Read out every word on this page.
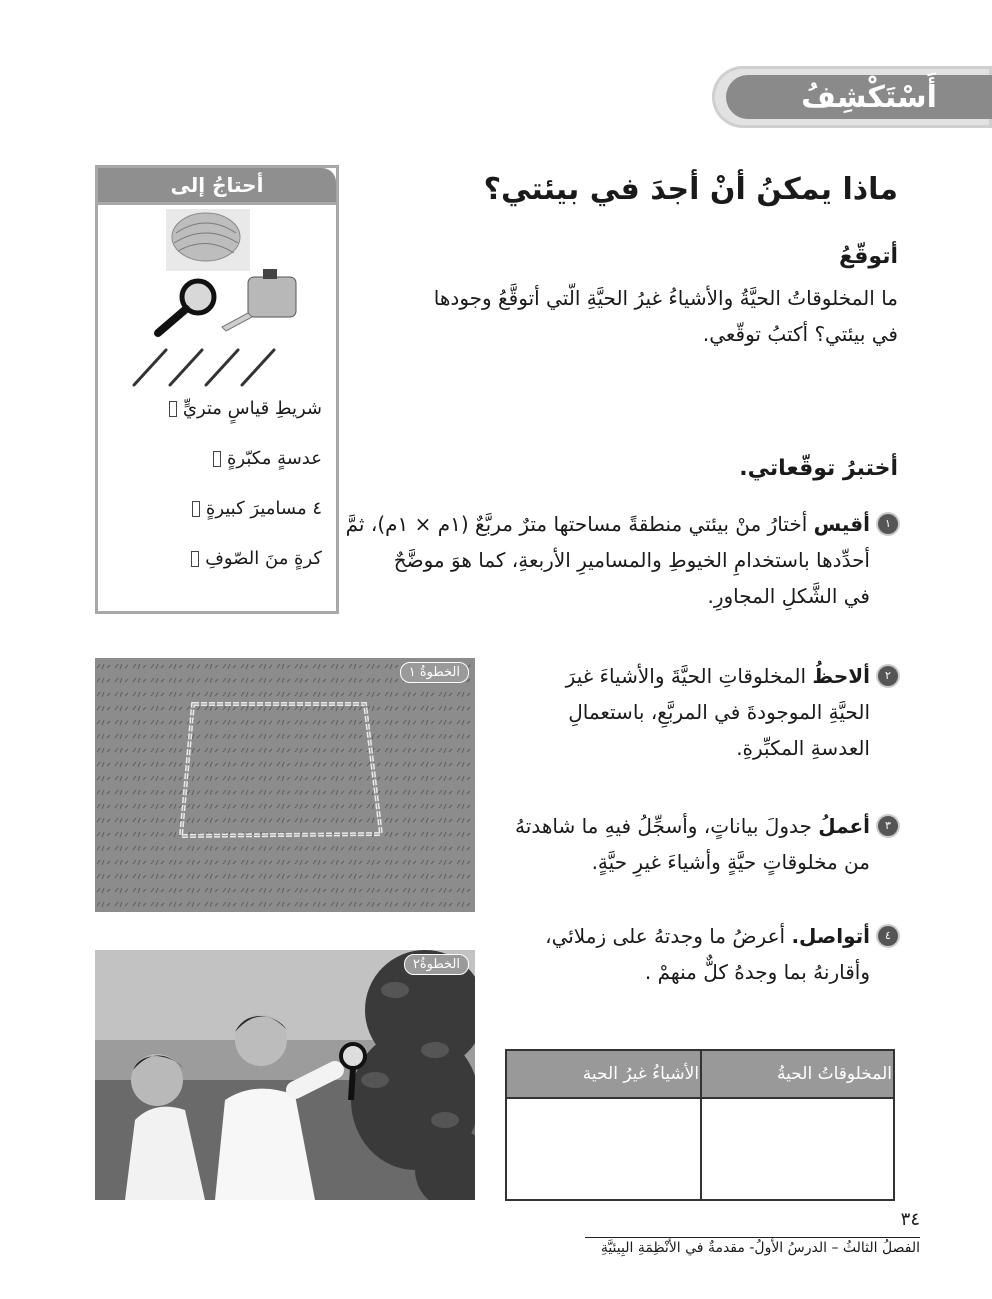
أَسْتَكْشِفُ
أحتاجُ إلى
شريطِ قياسٍ متريٍّ
عدسةٍ مكبّرةٍ
٤ مساميرَ كبيرةٍ
كرةٍ منَ الصّوفِ
ماذا يمكنُ أنْ أجدَ في بيئتي؟
أتوقّعُ
ما المخلوقاتُ الحيَّةُ والأشياءُ غيرُ الحيَّةِ الّتي أتوقَّعُ وجودها
في بيئتي؟ أكتبُ توقّعي.
أختبرُ توقّعاتي.
١
أقيس أختارُ منْ بيئتي منطقةً مساحتها مترٌ مربَّعٌ (١م × ١م)، ثمَّ
أحدِّدها باستخدامِ الخيوطِ والمساميرِ الأربعةِ، كما هوَ موضَّحٌ
في الشَّكلِ المجاورِ.
٢
ألاحظُ المخلوقاتِ الحيَّةَ والأشياءَ غيرَ
الحيَّةِ الموجودةَ في المربَّعِ، باستعمالِ
العدسةِ المكبِّرةِ.
٣
أعملُ جدولَ بياناتٍ، وأسجِّلُ فيهِ ما شاهدتهُ
من مخلوقاتٍ حيَّةٍ وأشياءَ غيرِ حيَّةٍ.
٤
أتواصل. أعرضُ ما وجدتهُ على زملائي،
وأقارنهُ بما وجدهُ كلٌّ منهمْ .
الخطوةُ ١
الخطوةُ٢
المخلوقاتُ الحيةُ	الأشياءُ غيرُ الحية

٣٤
الفصلُ الثالثُ – الدرسُ الأولُ- مقدمةٌ في الأنْظِمَةِ البِيئيَّةِ
